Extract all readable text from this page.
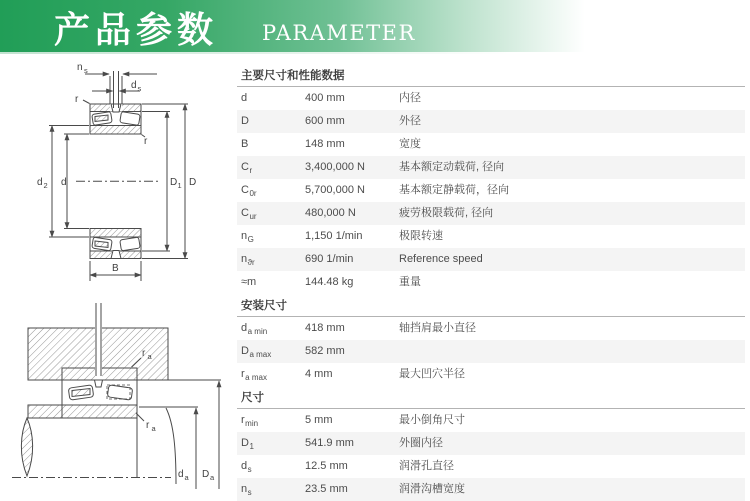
产品参数 PARAMETER
n s
d s
r
r
d 2 d	D 1 D
B
r a
r a
d a D a
主要尺寸和性能数据
d	400 mm	内径
D	600 mm	外径
B	148 mm	宽度
$C_r$	3,400,000 N	基本额定动载荷, 径向
$C_{0r}$	5,700,000 N	基本额定静载荷，径向
$C_{ur}$	480,000 N	疲劳极限载荷, 径向
$n_G$	1,150 1/min	极限转速
$n_{ϑr}$	690 1/min	Reference speed
≈m	144.48 kg	重量
安装尺寸
$d_{a min}$	418 mm	轴挡肩最小直径
$D_{a max}$	582 mm
$r_{a max}$	4 mm	最大凹穴半径
尺寸
$r_{min}$	5 mm	最小倒角尺寸
$D_1$	541.9 mm	外圈内径
$d_s$	12.5 mm	润滑孔直径
$n_s$	23.5 mm	润滑沟槽宽度
